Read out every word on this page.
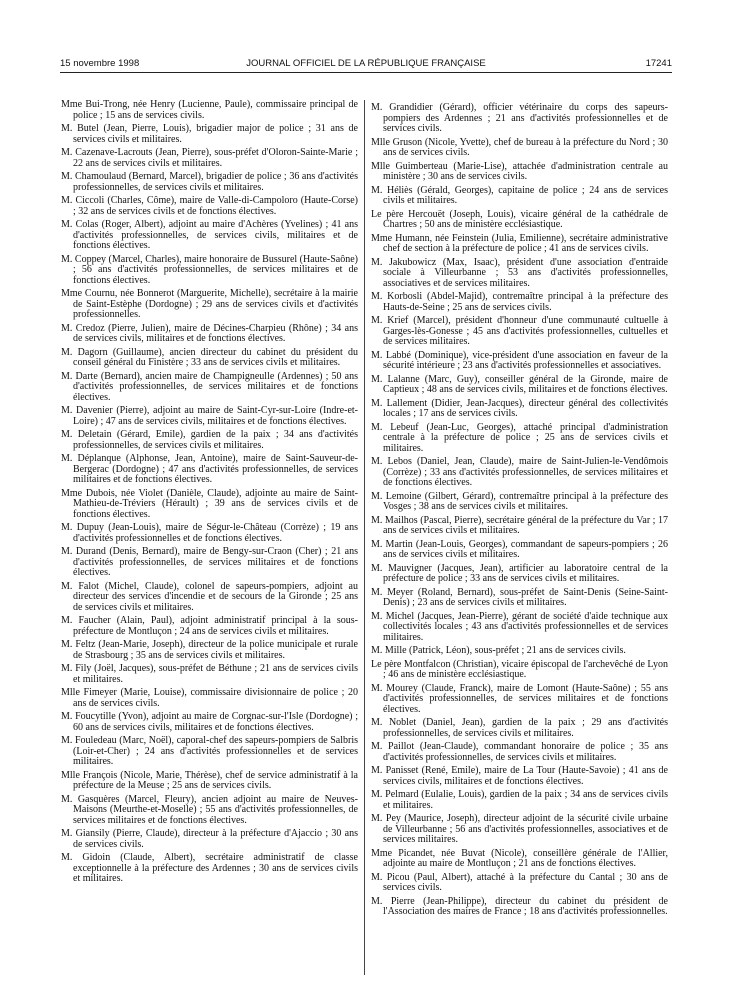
15 novembre 1998	JOURNAL OFFICIEL DE LA RÉPUBLIQUE FRANÇAISE	17241

Mme Bui-Trong, née Henry (Lucienne, Paule), commissaire principal de police ; 15 ans de services civils.

M. Butel (Jean, Pierre, Louis), brigadier major de police ; 31 ans de services civils et militaires.

M. Cazenave-Lacrouts (Jean, Pierre), sous-préfet d'Oloron-Sainte-Marie ; 22 ans de services civils et militaires.

M. Chamoulaud (Bernard, Marcel), brigadier de police ; 36 ans d'activités professionnelles, de services civils et militaires.

M. Ciccoli (Charles, Côme), maire de Valle-di-Campoloro (Haute-Corse) ; 32 ans de services civils et de fonctions électives.

M. Colas (Roger, Albert), adjoint au maire d'Achères (Yvelines) ; 41 ans d'activités professionnelles, de services civils, militaires et de fonctions électives.

M. Coppey (Marcel, Charles), maire honoraire de Bussurel (Haute-Saône) ; 56 ans d'activités professionnelles, de services militaires et de fonctions électives.

Mme Cournu, née Bonnerot (Marguerite, Michelle), secrétaire à la mairie de Saint-Estèphe (Dordogne) ; 29 ans de services civils et d'activités professionnelles.

M. Credoz (Pierre, Julien), maire de Décines-Charpieu (Rhône) ; 34 ans de services civils, militaires et de fonctions électives.

M. Dagorn (Guillaume), ancien directeur du cabinet du président du conseil général du Finistère ; 33 ans de services civils et militaires.

M. Darte (Bernard), ancien maire de Champigneulle (Ardennes) ; 50 ans d'activités professionnelles, de services militaires et de fonctions électives.

M. Davenier (Pierre), adjoint au maire de Saint-Cyr-sur-Loire (Indre-et-Loire) ; 47 ans de services civils, militaires et de fonctions électives.

M. Deletain (Gérard, Emile), gardien de la paix ; 34 ans d'activités professionnelles, de services civils et militaires.

M. Déplanque (Alphonse, Jean, Antoine), maire de Saint-Sauveur-de-Bergerac (Dordogne) ; 47 ans d'activités professionnelles, de services militaires et de fonctions électives.

Mme Dubois, née Violet (Danièle, Claude), adjointe au maire de Saint-Mathieu-de-Tréviers (Hérault) ; 39 ans de services civils et de fonctions électives.

M. Dupuy (Jean-Louis), maire de Ségur-le-Château (Corrèze) ; 19 ans d'activités professionnelles et de fonctions électives.

M. Durand (Denis, Bernard), maire de Bengy-sur-Craon (Cher) ; 21 ans d'activités professionnelles, de services militaires et de fonctions électives.

M. Falot (Michel, Claude), colonel de sapeurs-pompiers, adjoint au directeur des services d'incendie et de secours de la Gironde ; 25 ans de services civils et militaires.

M. Faucher (Alain, Paul), adjoint administratif principal à la sous-préfecture de Montluçon ; 24 ans de services civils et militaires.

M. Feltz (Jean-Marie, Joseph), directeur de la police municipale et rurale de Strasbourg ; 35 ans de services civils et militaires.

M. Fily (Joël, Jacques), sous-préfet de Béthune ; 21 ans de services civils et militaires.

Mlle Fimeyer (Marie, Louise), commissaire divisionnaire de police ; 20 ans de services civils.

M. Foucytille (Yvon), adjoint au maire de Corgnac-sur-l'Isle (Dordogne) ; 60 ans de services civils, militaires et de fonctions électives.

M. Fouledeau (Marc, Noël), caporal-chef des sapeurs-pompiers de Salbris (Loir-et-Cher) ; 24 ans d'activités professionnelles et de services militaires.

Mlle François (Nicole, Marie, Thérèse), chef de service administratif à la préfecture de la Meuse ; 25 ans de services civils.

M. Gasquères (Marcel, Fleury), ancien adjoint au maire de Neuves-Maisons (Meurthe-et-Moselle) ; 55 ans d'activités professionnelles, de services militaires et de fonctions électives.

M. Giansily (Pierre, Claude), directeur à la préfecture d'Ajaccio ; 30 ans de services civils.

M. Gidoin (Claude, Albert), secrétaire administratif de classe exceptionnelle à la préfecture des Ardennes ; 30 ans de services civils et militaires.

M. Grandidier (Gérard), officier vétérinaire du corps des sapeurs-pompiers des Ardennes ; 21 ans d'activités professionnelles et de services civils.

Mlle Gruson (Nicole, Yvette), chef de bureau à la préfecture du Nord ; 30 ans de services civils.

Mlle Guimberteau (Marie-Lise), attachée d'administration centrale au ministère ; 30 ans de services civils.

M. Héliès (Gérald, Georges), capitaine de police ; 24 ans de services civils et militaires.

Le père Hercouët (Joseph, Louis), vicaire général de la cathédrale de Chartres ; 50 ans de ministère ecclésiastique.

Mme Humann, née Feinstein (Julia, Emilienne), secrétaire administrative chef de section à la préfecture de police ; 41 ans de services civils.

M. Jakubowicz (Max, Isaac), président d'une association d'entraide sociale à Villeurbanne ; 53 ans d'activités professionnelles, associatives et de services militaires.

M. Korbosli (Abdel-Majid), contremaître principal à la préfecture des Hauts-de-Seine ; 25 ans de services civils.

M. Krief (Marcel), président d'honneur d'une communauté cultuelle à Garges-lès-Gonesse ; 45 ans d'activités professionnelles, cultuelles et de services militaires.

M. Labbé (Dominique), vice-président d'une association en faveur de la sécurité intérieure ; 23 ans d'activités professionnelles et associatives.

M. Lalanne (Marc, Guy), conseiller général de la Gironde, maire de Captieux ; 48 ans de services civils, militaires et de fonctions électives.

M. Lallement (Didier, Jean-Jacques), directeur général des collectivités locales ; 17 ans de services civils.

M. Lebeuf (Jean-Luc, Georges), attaché principal d'administration centrale à la préfecture de police ; 25 ans de services civils et militaires.

M. Lebos (Daniel, Jean, Claude), maire de Saint-Julien-le-Vendômois (Corrèze) ; 33 ans d'activités professionnelles, de services militaires et de fonctions électives.

M. Lemoine (Gilbert, Gérard), contremaître principal à la préfecture des Vosges ; 38 ans de services civils et militaires.

M. Mailhos (Pascal, Pierre), secrétaire général de la préfecture du Var ; 17 ans de services civils et militaires.

M. Martin (Jean-Louis, Georges), commandant de sapeurs-pompiers ; 26 ans de services civils et militaires.

M. Mauvigner (Jacques, Jean), artificier au laboratoire central de la préfecture de police ; 33 ans de services civils et militaires.

M. Meyer (Roland, Bernard), sous-préfet de Saint-Denis (Seine-Saint-Denis) ; 23 ans de services civils et militaires.

M. Michel (Jacques, Jean-Pierre), gérant de société d'aide technique aux collectivités locales ; 43 ans d'activités professionnelles et de services militaires.

M. Mille (Patrick, Léon), sous-préfet ; 21 ans de services civils.

Le père Montfalcon (Christian), vicaire épiscopal de l'archevêché de Lyon ; 46 ans de ministère ecclésiastique.

M. Mourey (Claude, Franck), maire de Lomont (Haute-Saône) ; 55 ans d'activités professionnelles, de services militaires et de fonctions électives.

M. Noblet (Daniel, Jean), gardien de la paix ; 29 ans d'activités professionnelles, de services civils et militaires.

M. Paillot (Jean-Claude), commandant honoraire de police ; 35 ans d'activités professionnelles, de services civils et militaires.

M. Panisset (René, Emile), maire de La Tour (Haute-Savoie) ; 41 ans de services civils, militaires et de fonctions électives.

M. Pelmard (Eulalie, Louis), gardien de la paix ; 34 ans de services civils et militaires.

M. Pey (Maurice, Joseph), directeur adjoint de la sécurité civile urbaine de Villeurbanne ; 56 ans d'activités professionnelles, associatives et de services militaires.

Mme Picandet, née Buvat (Nicole), conseillère générale de l'Allier, adjointe au maire de Montluçon ; 21 ans de fonctions électives.

M. Picou (Paul, Albert), attaché à la préfecture du Cantal ; 30 ans de services civils.

M. Pierre (Jean-Philippe), directeur du cabinet du président de l'Association des maires de France ; 18 ans d'activités professionnelles.
